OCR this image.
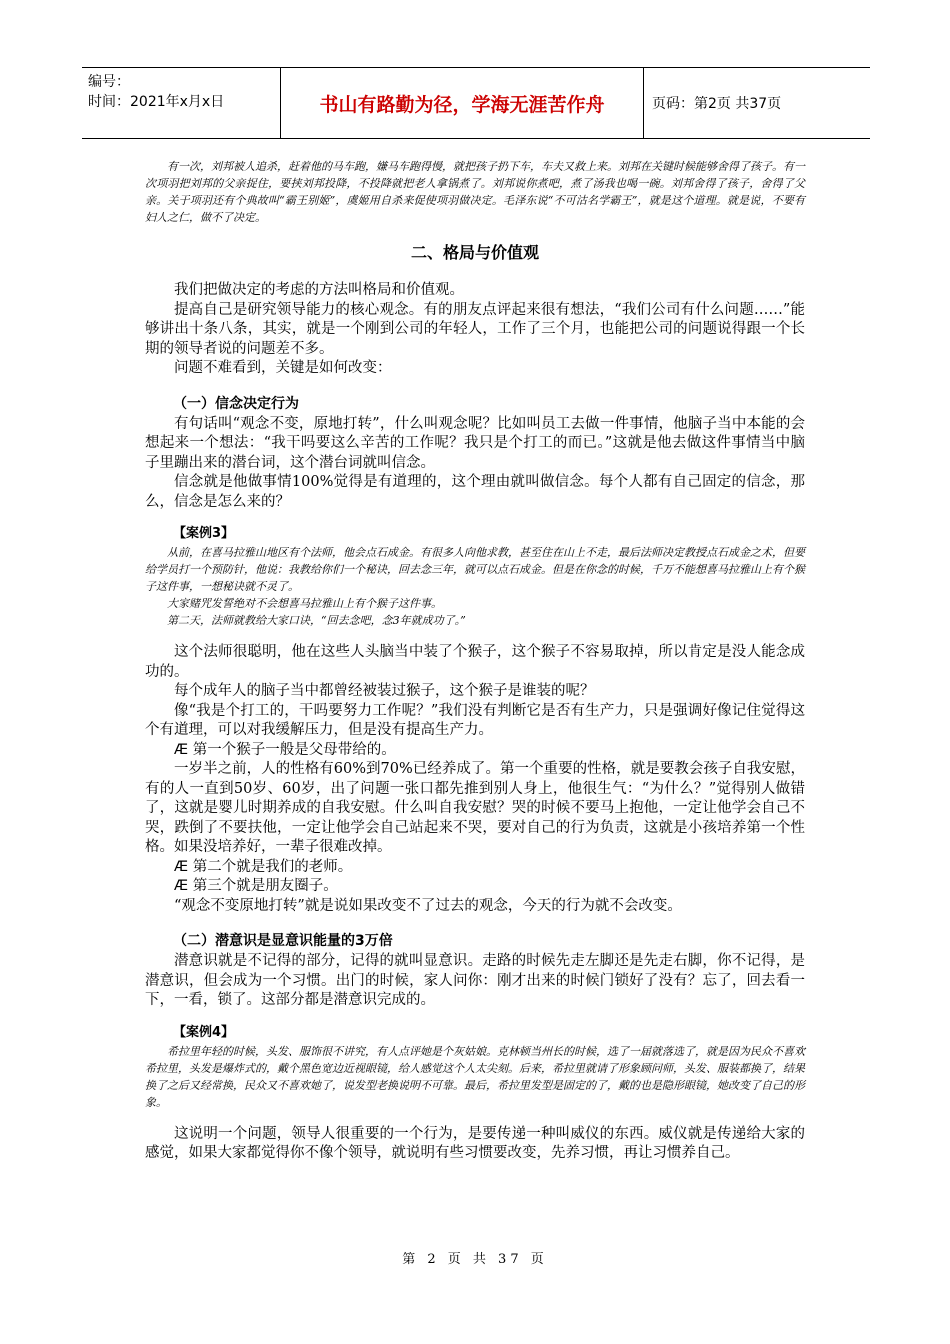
编号：
时间：2021年x月x日	书山有路勤为径，学海无涯苦作舟	页码：第2页 共37页

有一次，刘邦被人追杀，赶着他的马车跑，嫌马车跑得慢，就把孩子扔下车，车夫又救上来。刘邦在关键时候能够舍得了孩子。有一次项羽把刘邦的父亲捉住，要挟刘邦投降，不投降就把老人拿锅煮了。刘邦说你煮吧，煮了汤我也喝一碗。刘邦舍得了孩子，舍得了父亲。关于项羽还有个典故叫“霸王别姬”，虞姬用自杀来促使项羽做决定。毛泽东说“不可沽名学霸王”，就是这个道理。就是说，不要有妇人之仁，做不了决定。

二、格局与价值观

我们把做决定的考虑的方法叫格局和价值观。

提高自己是研究领导能力的核心观念。有的朋友点评起来很有想法，“我们公司有什么问题……”能够讲出十条八条，其实，就是一个刚到公司的年轻人，工作了三个月，也能把公司的问题说得跟一个长期的领导者说的问题差不多。

问题不难看到，关键是如何改变：

（一）信念决定行为

有句话叫“观念不变，原地打转”，什么叫观念呢？比如叫员工去做一件事情，他脑子当中本能的会想起来一个想法：“我干吗要这么辛苦的工作呢？我只是个打工的而已。”这就是他去做这件事情当中脑子里蹦出来的潜台词，这个潜台词就叫信念。

信念就是他做事情100%觉得是有道理的，这个理由就叫做信念。每个人都有自己固定的信念，那么，信念是怎么来的？

【案例3】

从前，在喜马拉雅山地区有个法师，他会点石成金。有很多人向他求教，甚至住在山上不走，最后法师决定教授点石成金之术，但要给学员打一个预防针，他说：我教给你们一个秘诀，回去念三年，就可以点石成金。但是在你念的时候，千万不能想喜马拉雅山上有个猴子这件事，一想秘诀就不灵了。

大家赌咒发誓绝对不会想喜马拉雅山上有个猴子这件事。

第二天，法师就教给大家口诀，“回去念吧，念3年就成功了。”

这个法师很聪明，他在这些人头脑当中装了个猴子，这个猴子不容易取掉，所以肯定是没人能念成功的。

每个成年人的脑子当中都曾经被装过猴子，这个猴子是谁装的呢？

像“我是个打工的，干吗要努力工作呢？”我们没有判断它是否有生产力，只是强调好像记住觉得这个有道理，可以对我缓解压力，但是没有提高生产力。

Æ 第一个猴子一般是父母带给的。

一岁半之前，人的性格有60%到70%已经养成了。第一个重要的性格，就是要教会孩子自我安慰，有的人一直到50岁、60岁，出了问题一张口都先推到别人身上，他很生气：“为什么？”觉得别人做错了，这就是婴儿时期养成的自我安慰。什么叫自我安慰？哭的时候不要马上抱他，一定让他学会自己不哭，跌倒了不要扶他，一定让他学会自己站起来不哭，要对自己的行为负责，这就是小孩培养第一个性格。如果没培养好，一辈子很难改掉。

Æ 第二个就是我们的老师。

Æ 第三个就是朋友圈子。

“观念不变原地打转”就是说如果改变不了过去的观念，今天的行为就不会改变。

（二）潜意识是显意识能量的3万倍

潜意识就是不记得的部分，记得的就叫显意识。走路的时候先走左脚还是先走右脚，你不记得，是潜意识，但会成为一个习惯。出门的时候，家人问你：刚才出来的时候门锁好了没有？忘了，回去看一下，一看，锁了。这部分都是潜意识完成的。

【案例4】

希拉里年轻的时候，头发、服饰很不讲究，有人点评她是个灰姑娘。克林顿当州长的时候，选了一届就落选了，就是因为民众不喜欢希拉里，头发是爆炸式的，戴个黑色宽边近视眼镜，给人感觉这个人太尖刻。后来，希拉里就请了形象顾问师，头发、服装都换了，结果换了之后又经常换，民众又不喜欢她了，说发型老换说明不可靠。最后，希拉里发型是固定的了，戴的也是隐形眼镜，她改变了自己的形象。

这说明一个问题，领导人很重要的一个行为，是要传递一种叫威仪的东西。威仪就是传递给大家的感觉，如果大家都觉得你不像个领导，就说明有些习惯要改变，先养习惯，再让习惯养自己。

第 2 页 共 37 页
